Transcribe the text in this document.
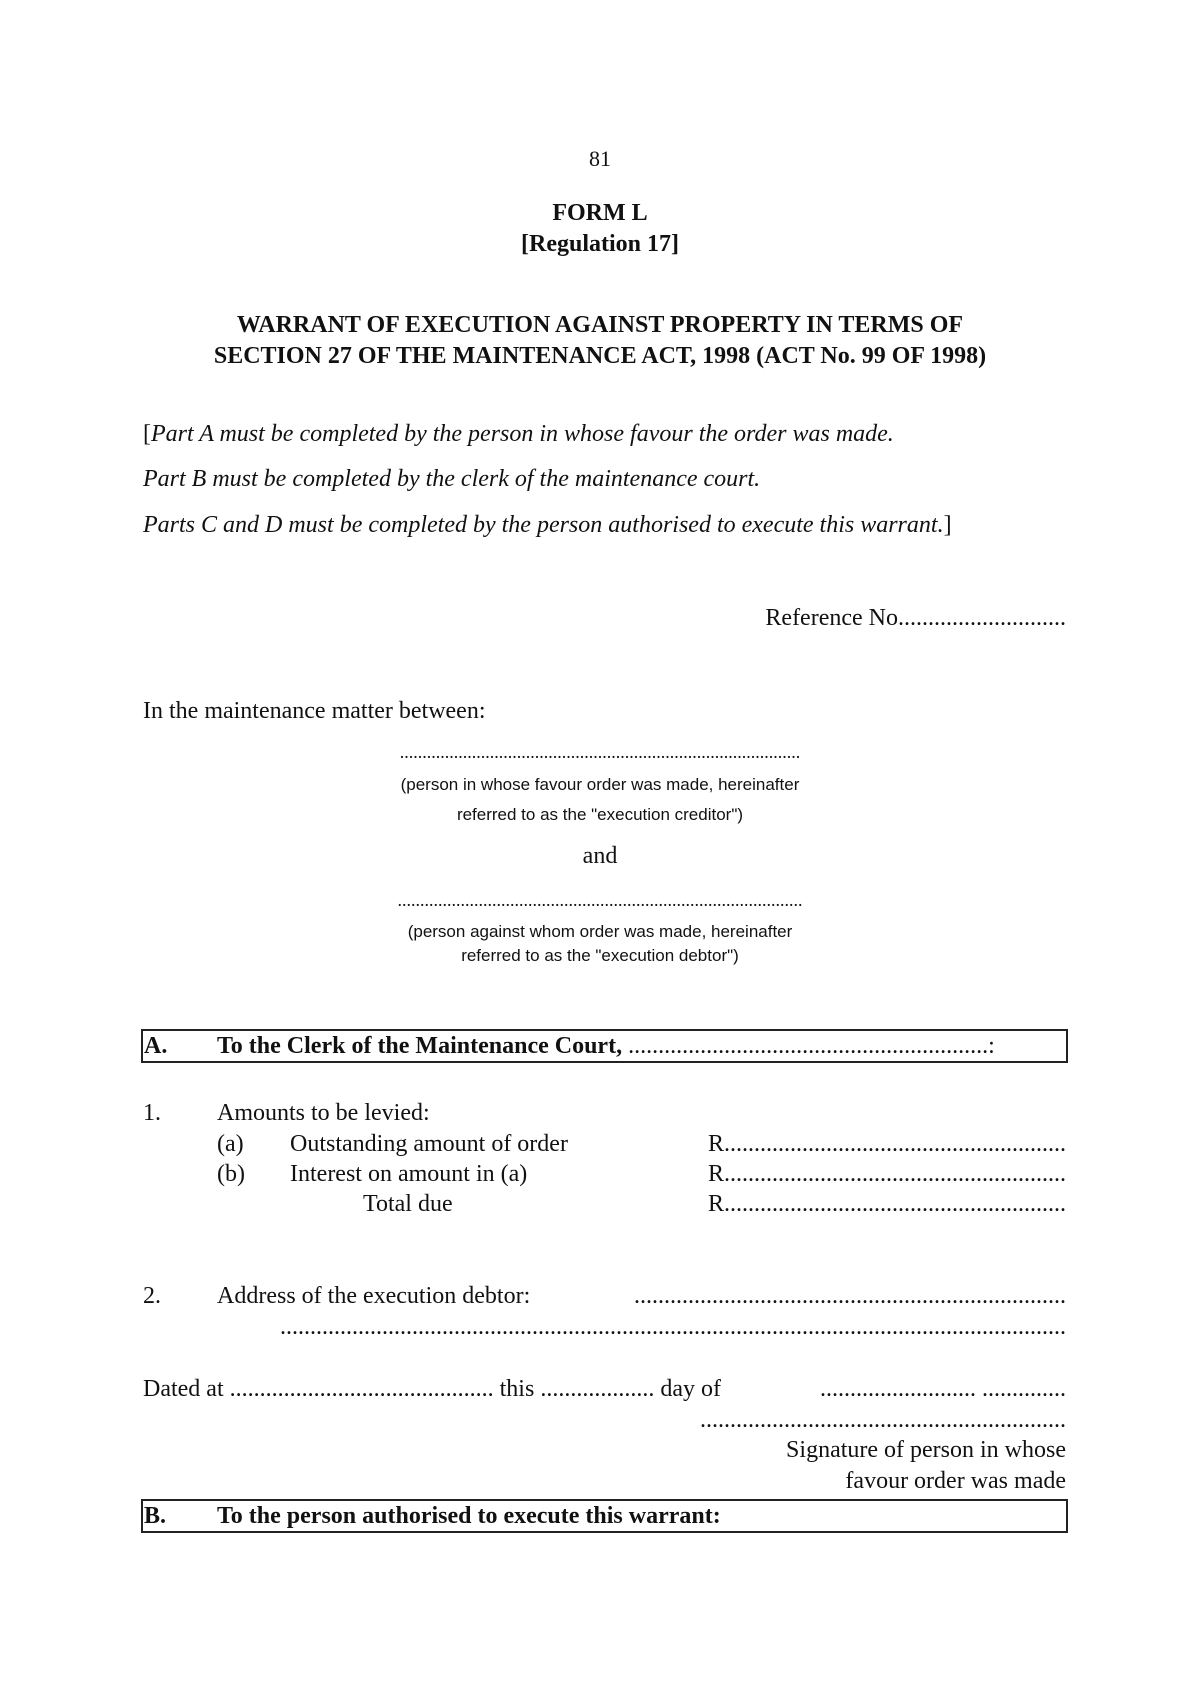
81
FORM L
[Regulation 17]
WARRANT OF EXECUTION AGAINST PROPERTY IN TERMS OF
SECTION 27 OF THE MAINTENANCE ACT, 1998 (ACT No. 99 OF 1998)
[Part A must be completed by the person in whose favour the order was made.
Part B must be completed by the clerk of the maintenance court.
Parts C and D must be completed by the person authorised to execute this warrant.]
Reference No............................
In the maintenance matter between:
.........................................................................................
(person in whose favour order was made, hereinafter
referred to as the "execution creditor")
and
..........................................................................................
(person against whom order was made, hereinafter
referred to as the "execution debtor")
A. To the Clerk of the Maintenance Court, ............................................................:
1. Amounts to be levied:
(a) Outstanding amount of order	R.........................................................
(b) Interest on amount in (a)	R.........................................................
Total due	R.........................................................
2. Address of the execution debtor:	........................................................................
...................................................................................................................................
Dated at ............................................ this ................... day of	.......................... ..............
.............................................................
Signature of person in whose
favour order was made
B. To the person authorised to execute this warrant:
